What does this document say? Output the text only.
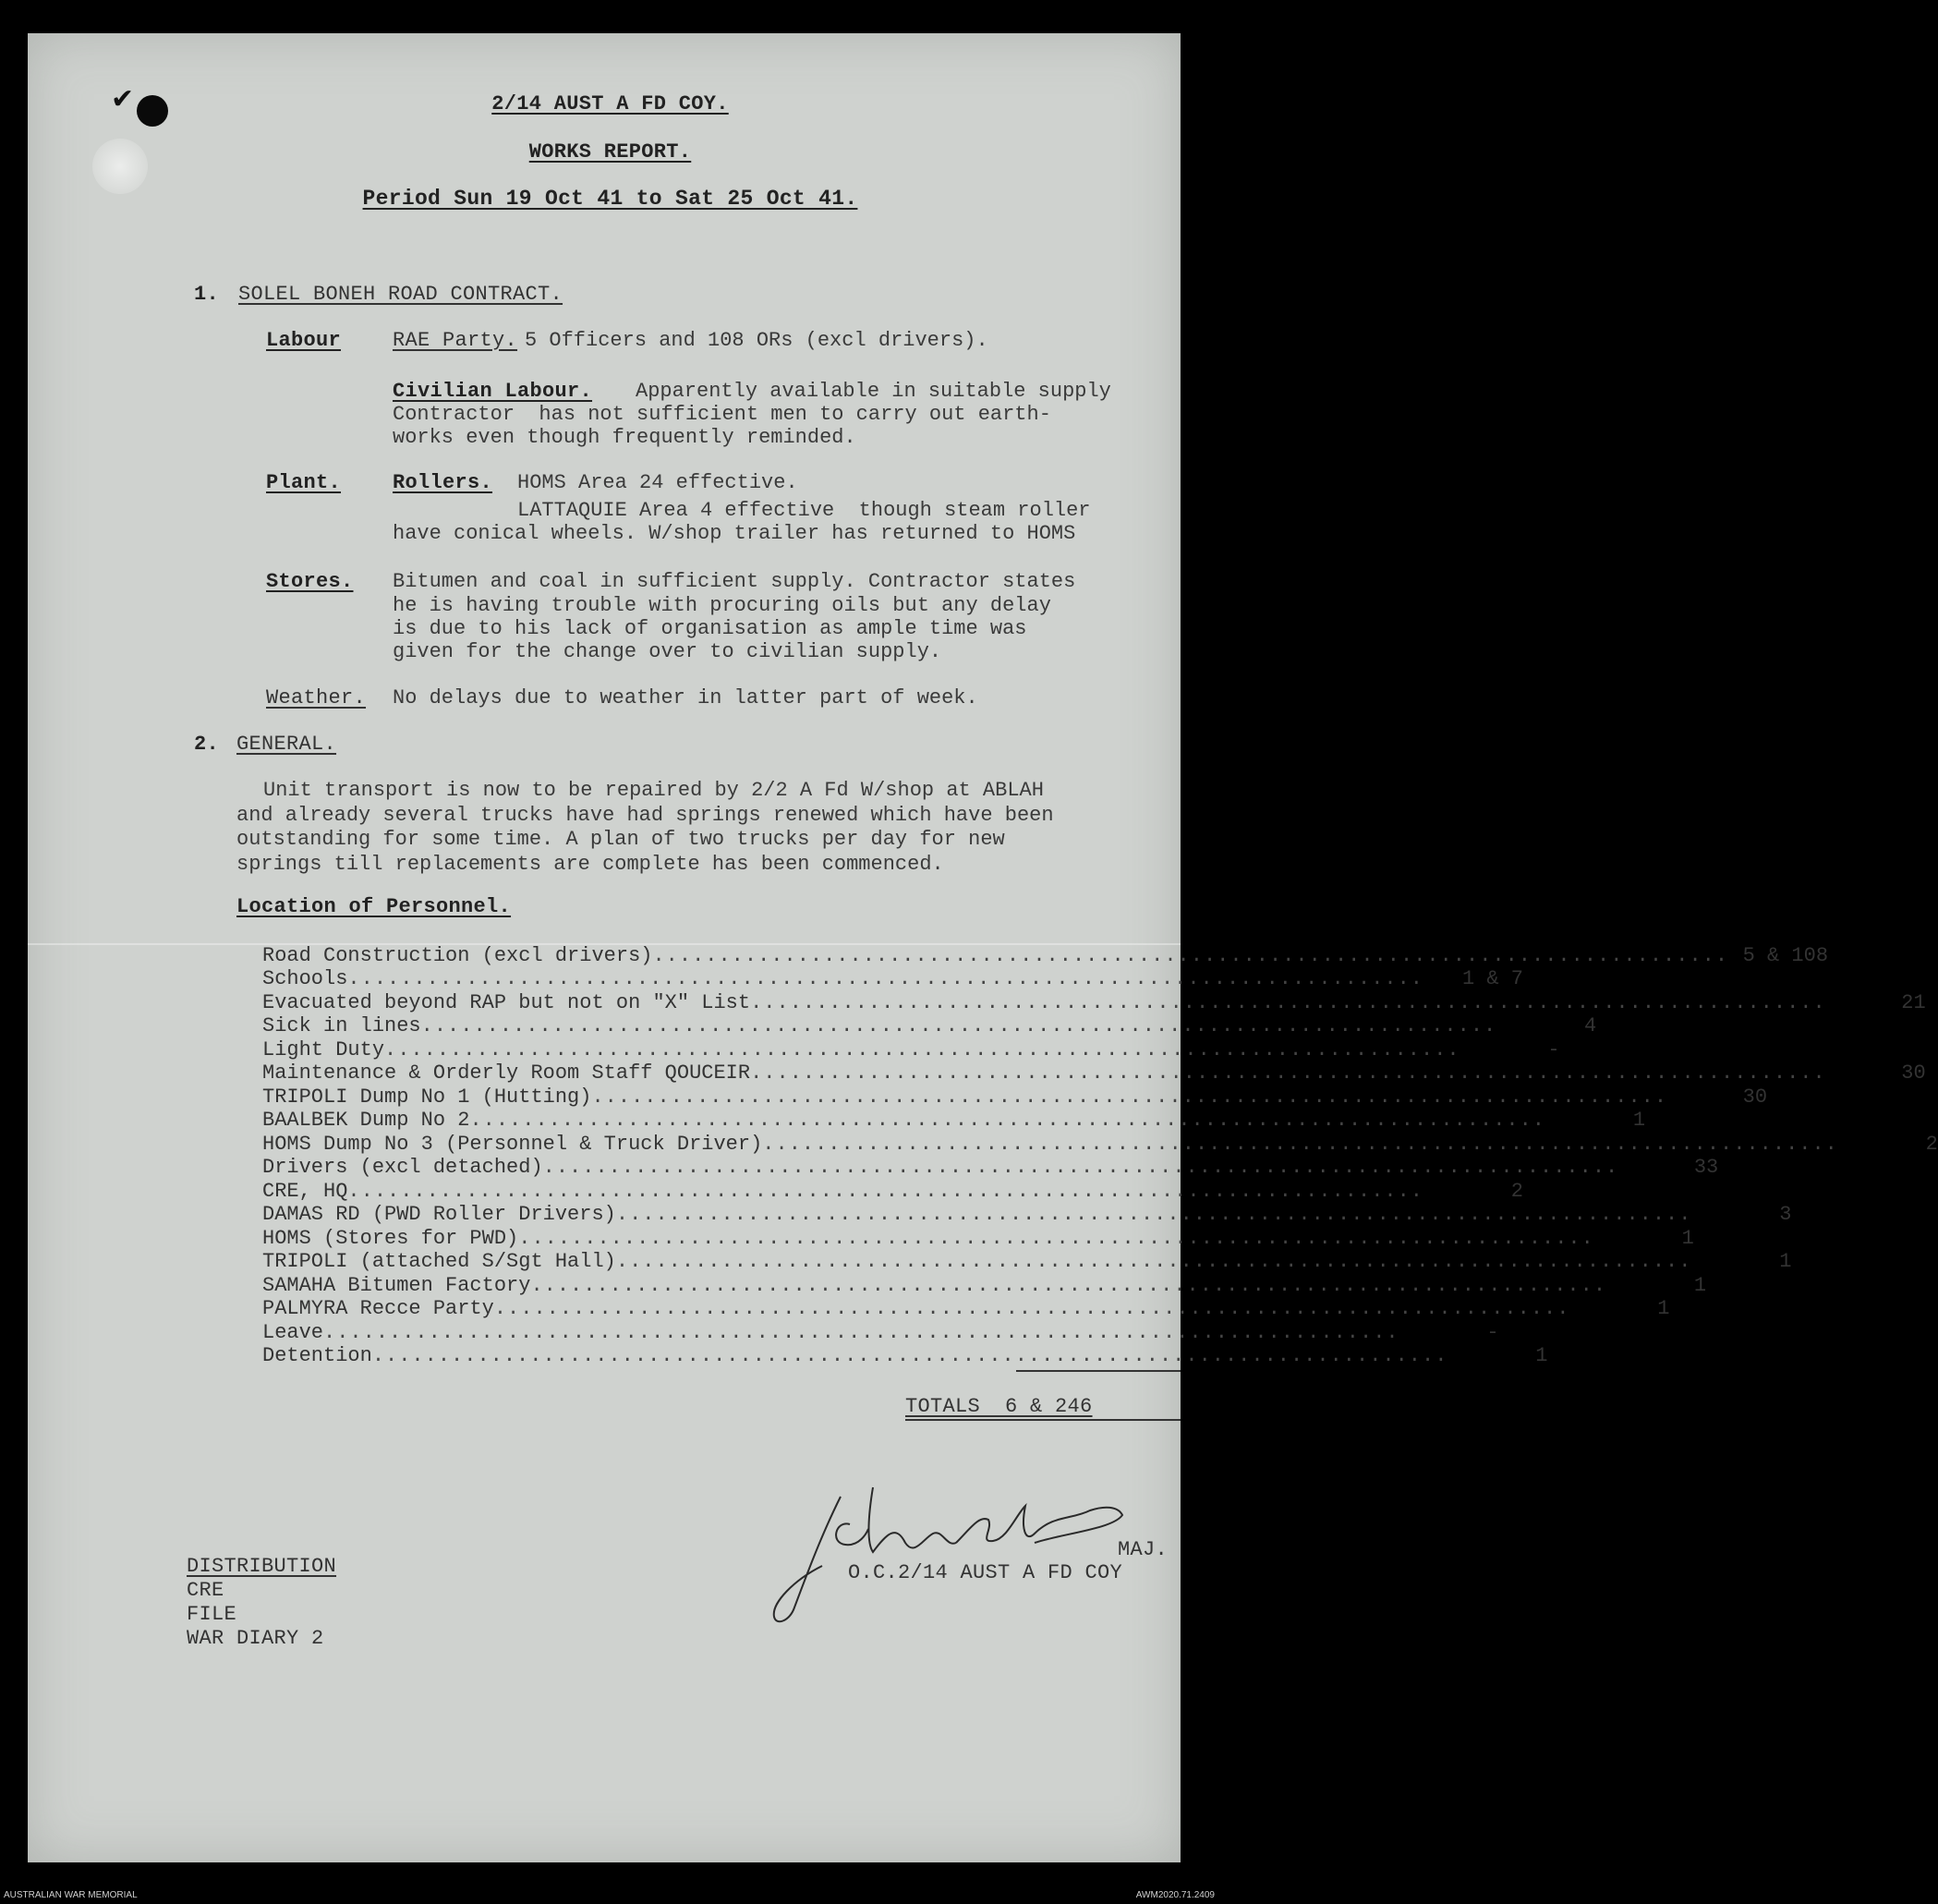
✔	2/14 AUST A FD COY.
WORKS REPORT.
Period Sun 19 Oct 41 to Sat 25 Oct 41.
1. SOLEL BONEH ROAD CONTRACT.
Labour	RAE Party. 5 Officers and 108 ORs (excl drivers).
Civilian Labour. Apparently available in suitable supply
Contractor  has not sufficient men to carry out earth-
works even though frequently reminded.
Plant.	Rollers. HOMS Area 24 effective.
LATTAQUIE Area 4 effective  though steam roller
have conical wheels. W/shop trailer has returned to HOMS
Stores. Bitumen and coal in sufficient supply. Contractor states
he is having trouble with procuring oils but any delay
is due to his lack of organisation as ample time was
given for the change over to civilian supply.
Weather. No delays due to weather in latter part of week.
2. GENERAL.
Unit transport is now to be repaired by 2/2 A Fd W/shop at ABLAH
and already several trucks have had springs renewed which have been
outstanding for some time. A plan of two trucks per day for new
springs till replacements are complete has been commenced.
Location of Personnel.
Road Construction (excl drivers) .................................................................................. 5 & 108
Schools ..................................................................................	1 & 7
Evacuated beyond RAP but not on "X" List ..................................................................................	21
Sick in lines ..................................................................................	4
Light Duty ..................................................................................	-
Maintenance & Orderly Room Staff QOUCEIR ..................................................................................	30
TRIPOLI Dump No 1 (Hutting) ..................................................................................	30
BAALBEK Dump No 2 ..................................................................................	1
HOMS Dump No 3 (Personnel & Truck Driver) ..................................................................................	2
Drivers (excl detached) ..................................................................................	33
CRE, HQ ..................................................................................	2
DAMAS RD (PWD Roller Drivers) ..................................................................................	3
HOMS (Stores for PWD) ..................................................................................	1
TRIPOLI (attached S/Sgt Hall) ..................................................................................	1
SAMAHA Bitumen Factory ..................................................................................	1
PALMYRA Recce Party ..................................................................................	1
Leave ..................................................................................	-
Detention ..................................................................................	1
TOTALS  6 & 246
MAJ.
O.C.2/14 AUST A FD COY
DISTRIBUTION
CRE
FILE
WAR DIARY 2
AUSTRALIAN WAR MEMORIAL	AWM2020.71.2409
